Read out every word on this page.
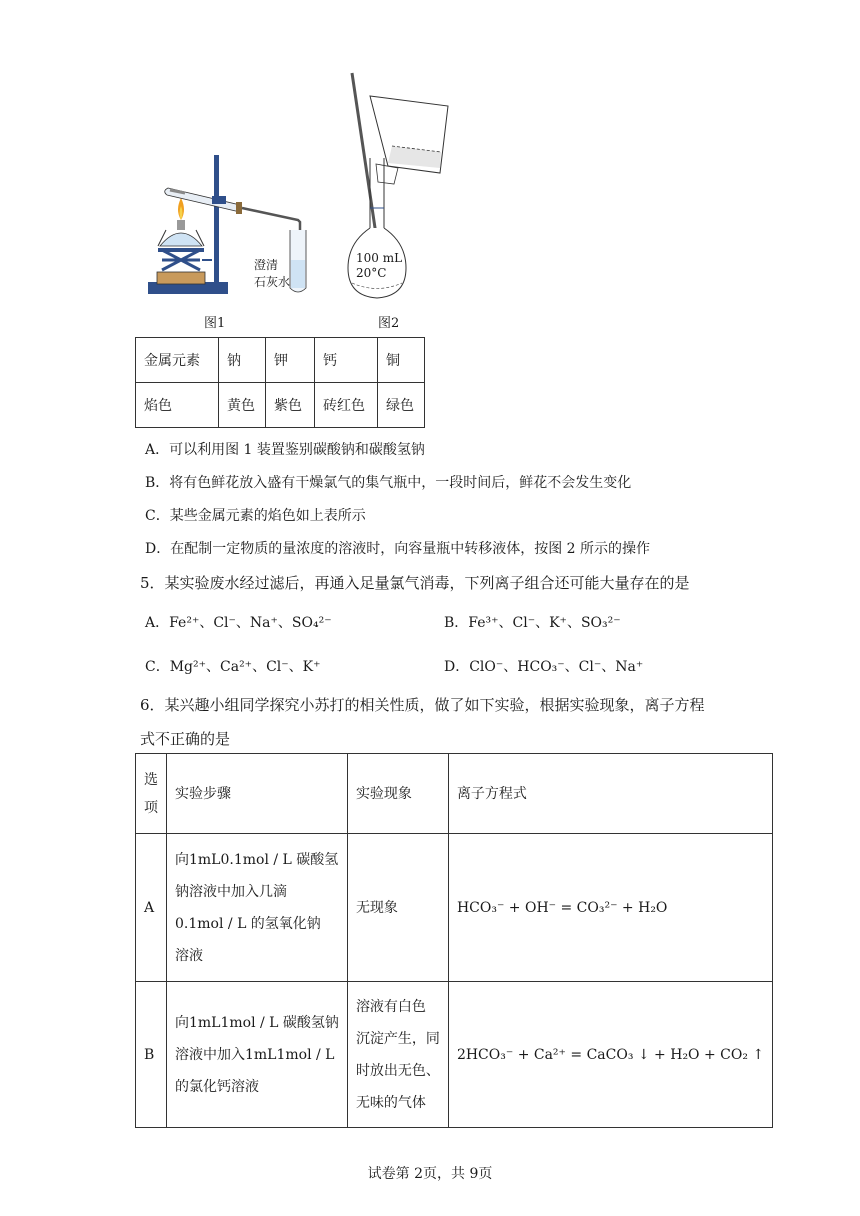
澄清
石灰水
图1
100 mL
20°C
图2
金属元素	钠	钾	钙	铜
焰色	黄色	紫色	砖红色	绿色
A．可以利用图 1 装置鉴别碳酸钠和碳酸氢钠
B．将有色鲜花放入盛有干燥氯气的集气瓶中，一段时间后，鲜花不会发生变化
C．某些金属元素的焰色如上表所示
D．在配制一定物质的量浓度的溶液时，向容量瓶中转移液体，按图 2 所示的操作
5．某实验废水经过滤后，再通入足量氯气消毒，下列离子组合还可能大量存在的是
A．Fe²⁺、Cl⁻、Na⁺、SO₄²⁻	B．Fe³⁺、Cl⁻、K⁺、SO₃²⁻
C．Mg²⁺、Ca²⁺、Cl⁻、K⁺	D．ClO⁻、HCO₃⁻、Cl⁻、Na⁺
6．某兴趣小组同学探究小苏打的相关性质，做了如下实验，根据实验现象，离子方程
式不正确的是
选
项	实验步骤	实验现象	离子方程式
A	向1mL0.1mol / L 碳酸氢
钠溶液中加入几滴
0.1mol / L 的氢氧化钠
溶液	无现象	HCO₃⁻ + OH⁻ = CO₃²⁻ + H₂O
B	向1mL1mol / L 碳酸氢钠
溶液中加入1mL1mol / L
的氯化钙溶液	溶液有白色
沉淀产生，同
时放出无色、
无味的气体	2HCO₃⁻ + Ca²⁺ = CaCO₃ ↓ + H₂O + CO₂ ↑
试卷第 2页，共 9页
